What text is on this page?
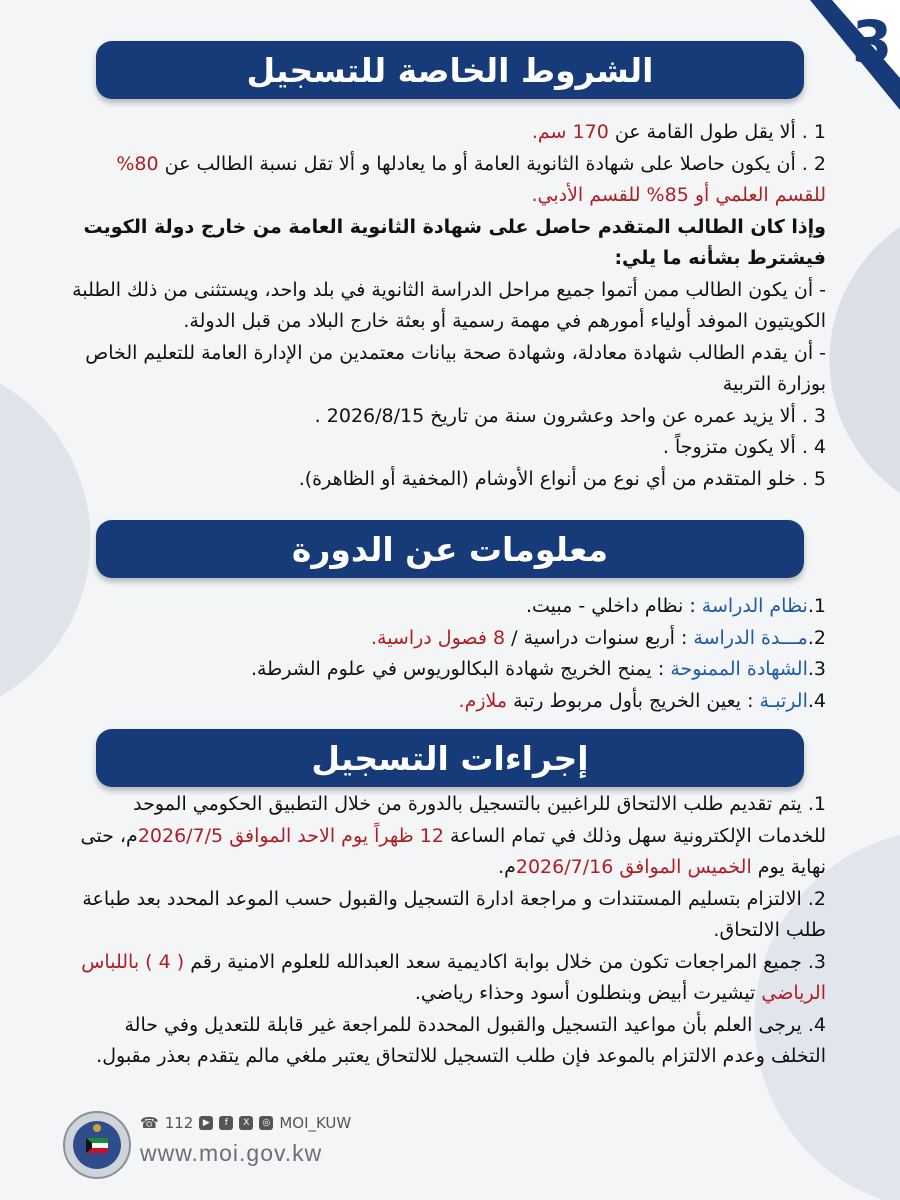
3
الشروط الخاصة للتسجيل

1 . ألا يقل طول القامة عن 170 سم.

2 . أن يكون حاصلا على شهادة الثانوية العامة أو ما يعادلها و ألا تقل نسبة الطالب عن 80% للقسم العلمي أو 85% للقسم الأدبي.

وإذا كان الطالب المتقدم حاصل على شهادة الثانوية العامة من خارج دولة الكويت فيشترط بشأنه ما يلي:

- أن يكون الطالب ممن أتموا جميع مراحل الدراسة الثانوية في بلد واحد، ويستثنى من ذلك الطلبة الكويتيون الموفد أولياء أمورهم في مهمة رسمية أو بعثة خارج البلاد من قبل الدولة.

- أن يقدم الطالب شهادة معادلة، وشهادة صحة بيانات معتمدين من الإدارة العامة للتعليم الخاص بوزارة التربية

3 . ألا يزيد عمره عن واحد وعشرون سنة من تاريخ 2026/8/15 .

4 . ألا يكون متزوجاً .

5 . خلو المتقدم من أي نوع من أنواع الأوشام (المخفية أو الظاهرة).

معلومات عن الدورة

1.نظام الدراسة : نظام داخلي - مبيت.

2.مـــدة الدراسة : أربع سنوات دراسية / 8 فصول دراسية.

3.الشهادة الممنوحة : يمنح الخريج شهادة البكالوريوس في علوم الشرطة.

4.الرتبـة : يعين الخريج بأول مربوط رتبة ملازم.

إجراءات التسجيل

1. يتم تقديم طلب الالتحاق للراغبين بالتسجيل بالدورة من خلال التطبيق الحكومي الموحد للخدمات الإلكترونية سهل وذلك في تمام الساعة 12 ظهراً يوم الاحد الموافق 2026/7/5م، حتى نهاية يوم الخميس الموافق 2026/7/16م.

2. الالتزام بتسليم المستندات و مراجعة ادارة التسجيل والقبول حسب الموعد المحدد بعد طباعة طلب الالتحاق.

3. جميع المراجعات تكون من خلال بوابة اكاديمية سعد العبدالله للعلوم الامنية رقم ( 4 ) باللباس الرياضي تيشيرت أبيض وبنطلون أسود وحذاء رياضي.

4. يرجى العلم بأن مواعيد التسجيل والقبول المحددة للمراجعة غير قابلة للتعديل وفي حالة التخلف وعدم الالتزام بالموعد فإن طلب التسجيل للالتحاق يعتبر ملغي مالم يتقدم بعذر مقبول.

☎ 112	▶	f	X	◎ MOI_KUW
www.moi.gov.kw
